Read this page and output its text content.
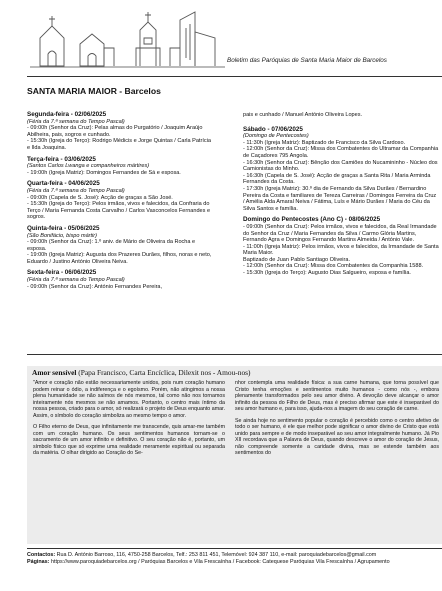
Boletim das Paróquias de Santa Maria Maior de Barcelos
SANTA MARIA MAIOR - Barcelos
Segunda-feira - 02/06/2025
(Féria da 7.ª semana do Tempo Pascal)
- 09:00h (Senhor da Cruz): Pelas almas do Purgatório / Joaquim Araújo Abilheira, pais, sogros e cunhado.
- 15:30h (Igreja do Terço): Rodrigo Médicis e Jorge Quintas / Carla Patrícia e Ilda Joaquina.
Terça-feira - 03/06/2025
(Santos Carlos Lwanga e companheiros mártires)
- 19:00h (Igreja Matriz): Domingos Fernandes de Sá e esposa.
Quarta-feira - 04/06/2025
(Féria da 7.ª semana do Tempo Pascal)
- 09:00h (Capela de S. José): Acção de graças a São José.
- 15:30h (Igreja do Terço): Pelos irmãos, vivos e falecidos, da Confraria do Terço / Maria Fernanda Costa Carvalho / Carlos Vasconcelos Fernandes e sogros.
Quinta-feira - 05/06/2025
(São Bonifácio, bispo mártir)
- 09:00h (Senhor da Cruz): 1.º aniv. de Mário de Oliveira da Rocha e esposa.
- 19:00h (Igreja Matriz): Augusta dos Prazeres Durães, filhos, noras e neto, Eduardo / Justino António Oliveira Neiva.
Sexta-feira - 06/06/2025
(Féria da 7.ª semana do Tempo Pascal)
- 09:00h (Senhor da Cruz): António Fernandes Pereira,
pais e cunhado / Manuel António Oliveira Lopes.
Sábado - 07/06/2025
(Domingo de Pentecostes)
- 11:30h (Igreja Matriz): Baptizado de Francisco da Silva Cardoso.
- 12:00h (Senhor da Cruz): Missa dos Combatentes do Ultramar da Companhia de Caçadores 795 Angola.
- 16:30h (Senhor da Cruz): Bênção dos Camiões do Nucamininho - Núcleo dos Camionistas do Minho.
- 16:30h (Capela de S. José): Acção de graças a Santa Rita / Maria Arminda Fernandes da Costa.
- 17:30h (Igreja Matriz): 30.º dia de Fernando da Silva Durães / Bernardino Pereira da Costa e familiares de Tereza Carreiras / Domingos Ferreira da Cruz / Amélia Alda Amaral Neiva / Fátima, Luís e Mário Durães / Maria do Céu da Silva Santos e família.
Domingo do Pentecostes (Ano C) - 08/06/2025
- 09:00h (Senhor da Cruz): Pelos irmãos, vivos e falecidos, da Real Irmandade do Senhor da Cruz / Maria Fernandes da Silva / Carmo Glória Martins, Fernando Agra e Domingos Fernando Martins Almeida / António Vale.
- 11:00h (Igreja Matriz): Pelos irmãos, vivos e falecidos, da Irmandade de Santa Maria Maior.
Baptizado de Juan Pablo Santiago Oliveira.
- 12:00h (Senhor da Cruz): Missa dos Combatentes da Companhia 1588.
- 15:30h (Igreja do Terço): Augusto Dias Salgueiro, esposa e família.
Amor sensível (Papa Francisco, Carta Encíclica, Dilexit nos - Amou-nos)

"Amor e coração não estão necessariamente unidos, pois num coração humano podem reinar o ódio, a indiferença e o egoísmo. Porém, não atingimos a nossa plena humanidade se não saímos de nós mesmos, tal como não nos tornamos inteiramente nós mesmos se não amamos. Portanto, o centro mais íntimo da nossa pessoa, criado para o amor, só realizará o projeto de Deus enquanto amar. Assim, o símbolo do coração simboliza ao mesmo tempo o amor.

O Filho eterno de Deus, que infinitamente me transcende, quis amar-me também com um coração humano. Os seus sentimentos humanos tornam-se o sacramento de um amor infinito e definitivo. O seu coração não é, portanto, um símbolo físico que só exprime uma realidade meramente espiritual ou separada da matéria. O olhar dirigido ao Coração do Se-

nhor contempla uma realidade física: a sua carne humana, que torna possível que Cristo tenha emoções e sentimentos muito humanos - como nós -, embora plenamente transformados pelo seu amor divino. A devoção deve alcançar o amor infinito da pessoa do Filho de Deus, mas é preciso afirmar que este é inseparável do seu amor humano e, para isso, ajuda-nos a imagem do seu coração de carne.

Se ainda hoje no sentimento popular o coração é percebido como o centro afetivo de todo o ser humano, é ele que melhor pode significar o amor divino de Cristo que está unido para sempre e de modo inseparável ao seu amor integralmente humano. Já Pio XII recordava que a Palavra de Deus, quando descreve o amor do coração de Jesus, não compreende somente a caridade divina, mas se estende também aos sentimentos do

Contactos: Rua D. António Barroso, 116, 4750-258 Barcelos, Telf.: 253 811 451, Telemóvel: 924 387 110, e-mail: paroquiadebarcelos@gmail.com
Páginas: https://www.paroquiadebarcelos.org / Paróquias Barcelos e Vila Frescaínha / Facebook: Catequese Paróquias Vila Frescaínha / Agrupamento
